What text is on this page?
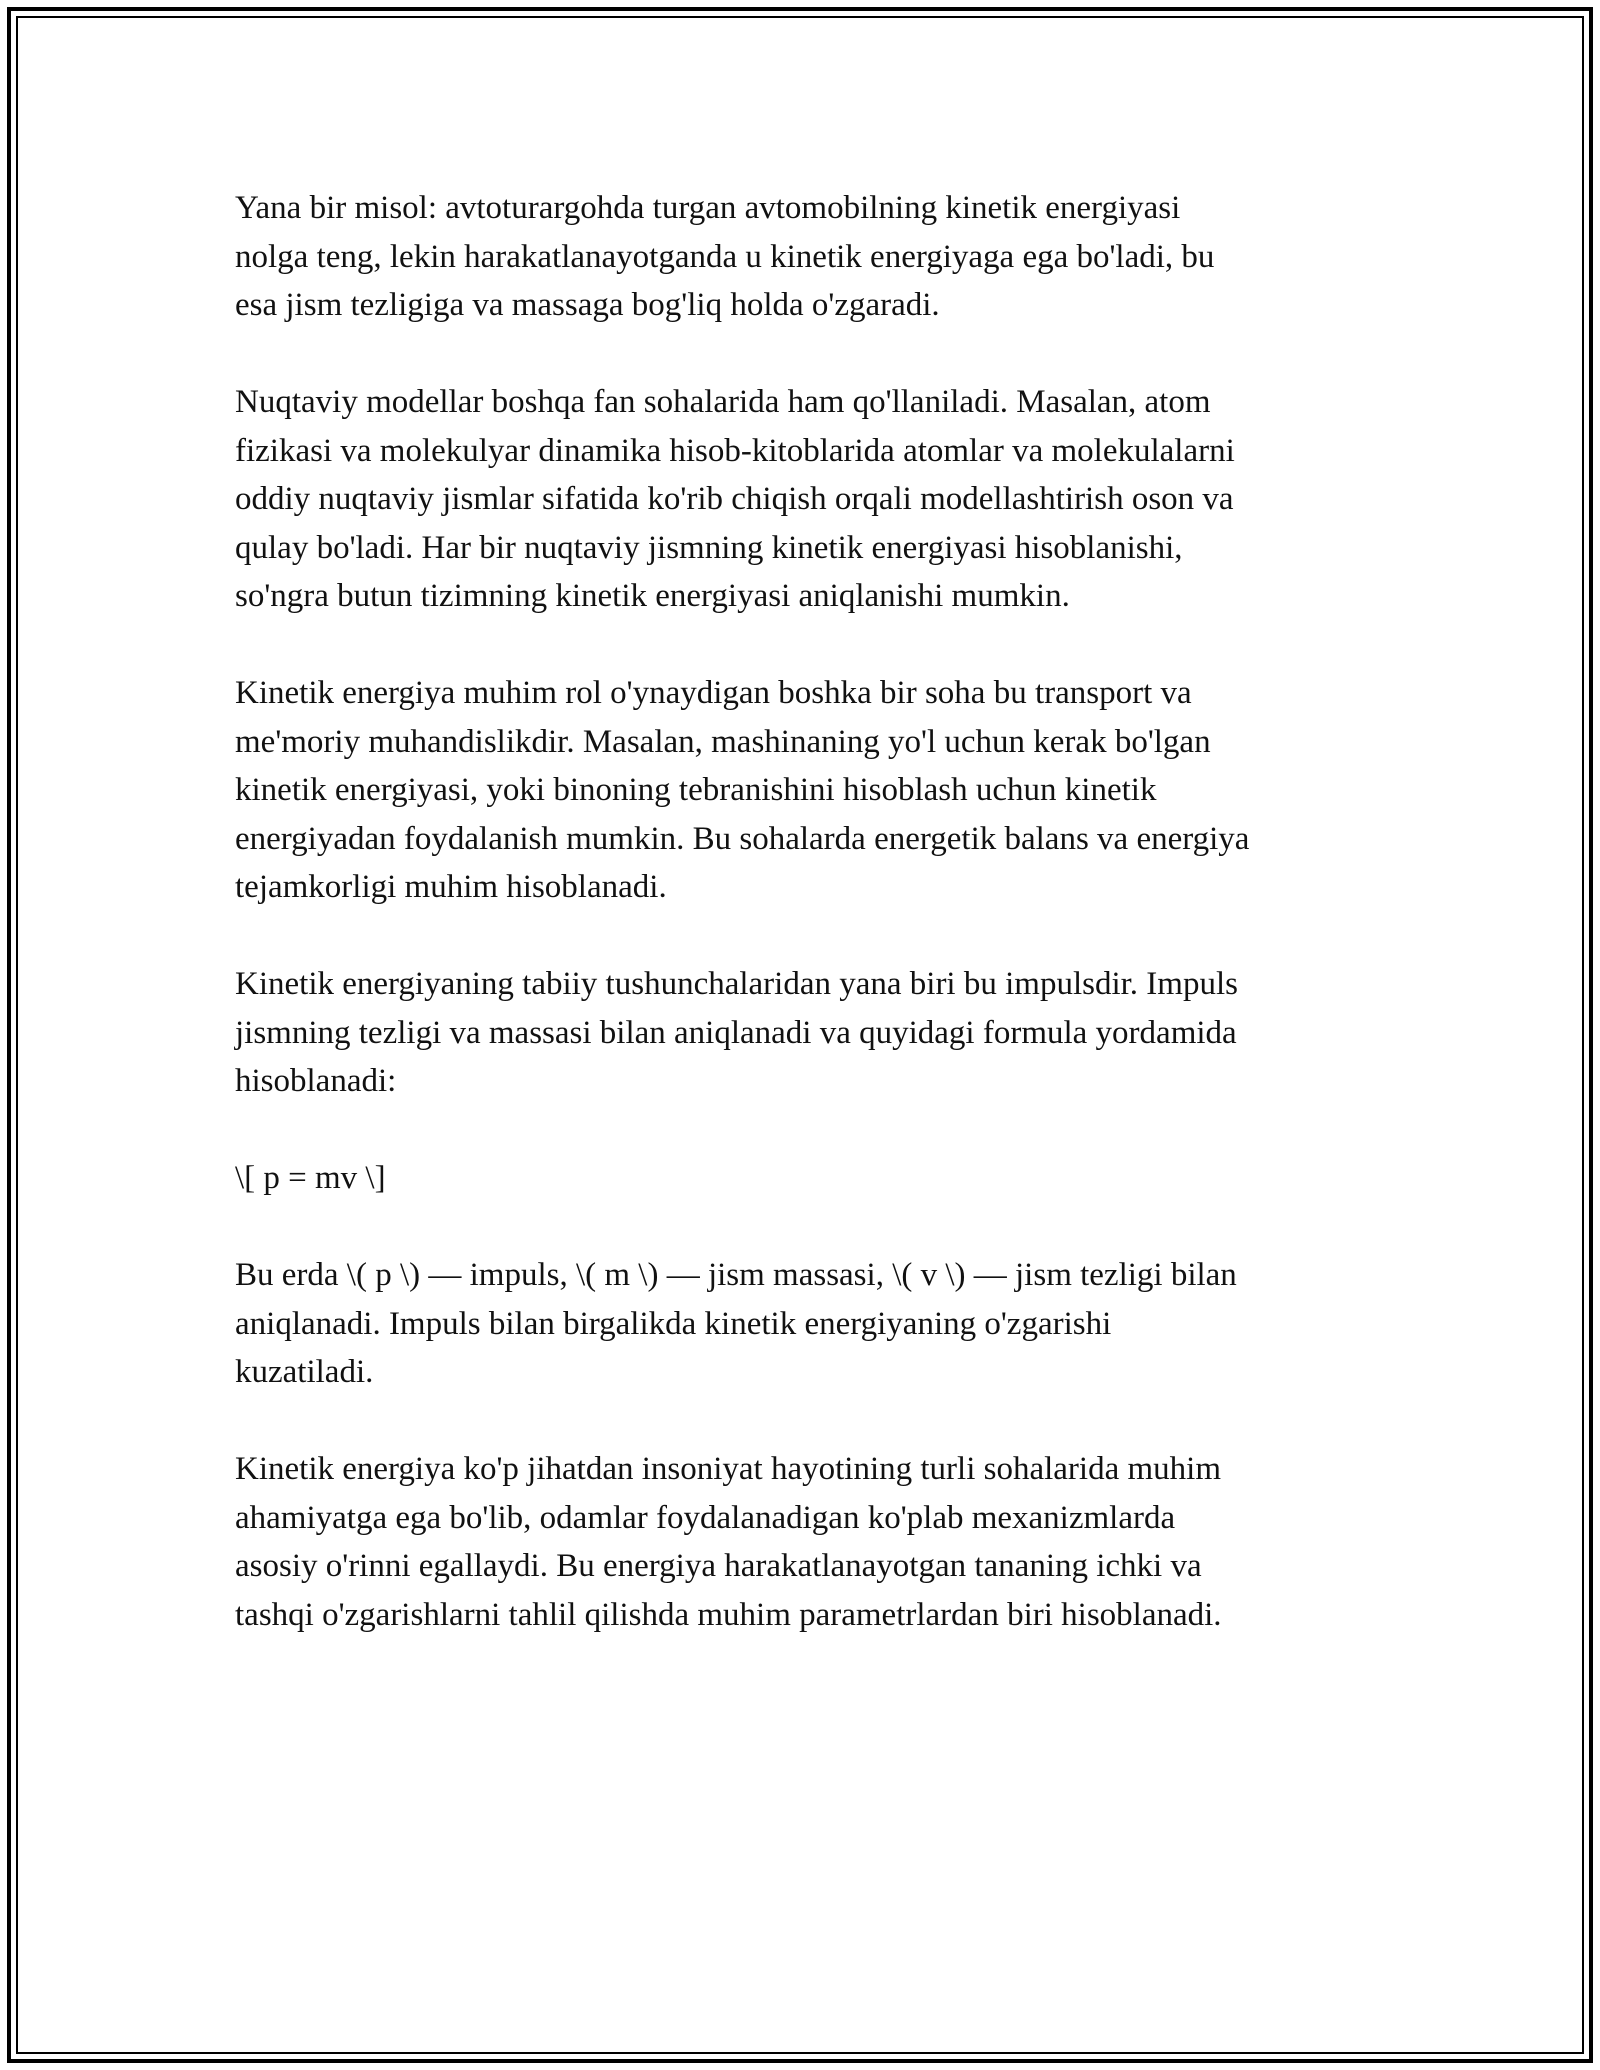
Yana bir misol: avtoturargohda turgan avtomobilning kinetik energiyasi
nolga teng, lekin harakatlanayotganda u kinetik energiyaga ega bo'ladi, bu
esa jism tezligiga va massaga bog'liq holda o'zgaradi.

Nuqtaviy modellar boshqa fan sohalarida ham qo'llaniladi. Masalan, atom
fizikasi va molekulyar dinamika hisob-kitoblarida atomlar va molekulalarni
oddiy nuqtaviy jismlar sifatida ko'rib chiqish orqali modellashtirish oson va
qulay bo'ladi. Har bir nuqtaviy jismning kinetik energiyasi hisoblanishi,
so'ngra butun tizimning kinetik energiyasi aniqlanishi mumkin.

Kinetik energiya muhim rol o'ynaydigan boshka bir soha bu transport va
me'moriy muhandislikdir. Masalan, mashinaning yo'l uchun kerak bo'lgan
kinetik energiyasi, yoki binoning tebranishini hisoblash uchun kinetik
energiyadan foydalanish mumkin. Bu sohalarda energetik balans va energiya
tejamkorligi muhim hisoblanadi.

Kinetik energiyaning tabiiy tushunchalaridan yana biri bu impulsdir. Impuls
jismning tezligi va massasi bilan aniqlanadi va quyidagi formula yordamida
hisoblanadi:

\[ p = mv \]

Bu erda \( p \) — impuls, \( m \) — jism massasi, \( v \) — jism tezligi bilan
aniqlanadi. Impuls bilan birgalikda kinetik energiyaning o'zgarishi
kuzatiladi.

Kinetik energiya ko'p jihatdan insoniyat hayotining turli sohalarida muhim
ahamiyatga ega bo'lib, odamlar foydalanadigan ko'plab mexanizmlarda
asosiy o'rinni egallaydi. Bu energiya harakatlanayotgan tananing ichki va
tashqi o'zgarishlarni tahlil qilishda muhim parametrlardan biri hisoblanadi.
